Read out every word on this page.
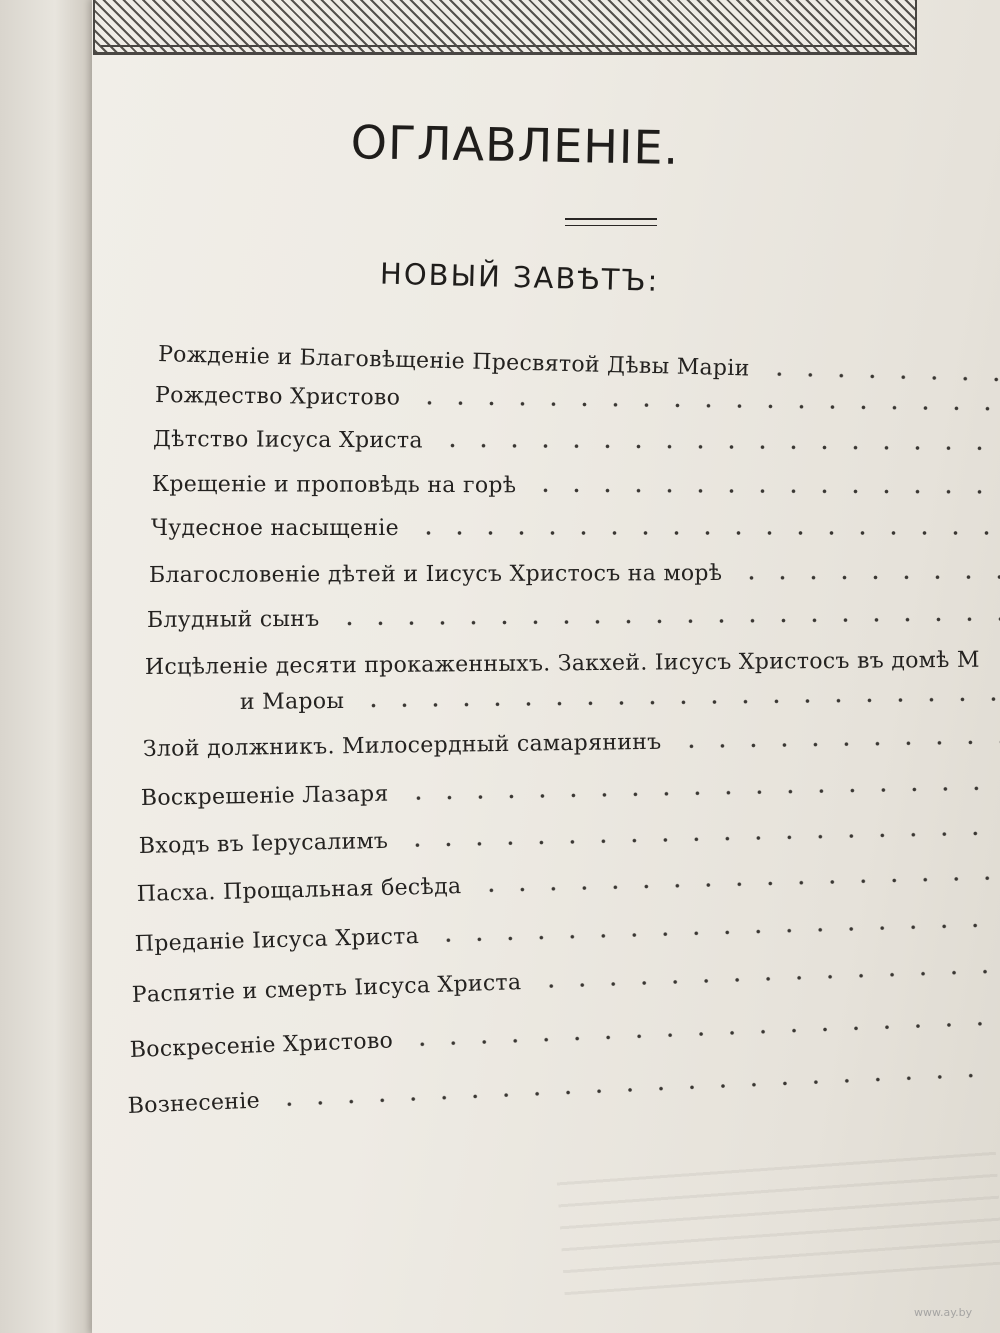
ОГЛАВЛЕНІЕ.
НОВЫЙ ЗАВѢТЪ:
Рожденіе и Благовѣщеніе Пресвятой Дѣвы Маріи
Рождество Христово
Дѣтство Іисуса Христа
Крещеніе и проповѣдь на горѣ
Чудесное насыщеніе
Благословеніе дѣтей и Іисусъ Христосъ на морѣ
Блудный сынъ
Исцѣленіе десяти прокаженныхъ. Закхей. Іисусъ Христосъ въ домѣ М
и Мароы
Злой должникъ. Милосердный самарянинъ
Воскрешеніе Лазаря
Входъ въ Іерусалимъ
Пасха. Прощальная бесѣда
Преданіе Іисуса Христа
Распятіе и смерть Іисуса Христа
Воскресеніе Христово
Вознесеніе
www.ay.by
